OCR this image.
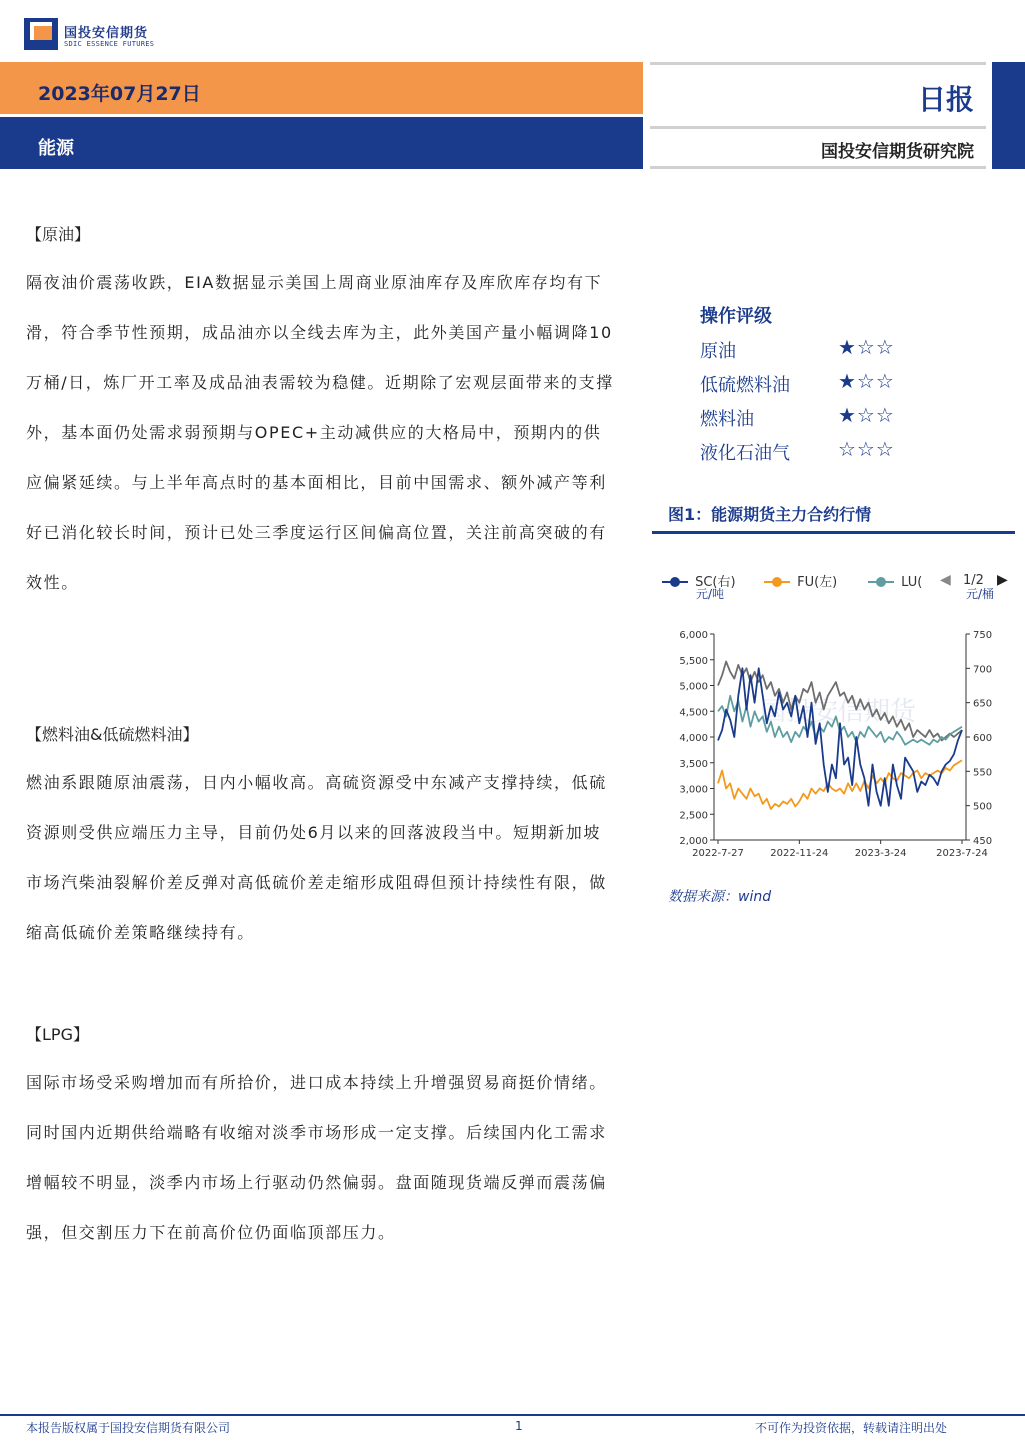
国投安信期货
SDIC ESSENCE FUTURES
2023年07月27日
能源
日报
国投安信期货研究院
【原油】
隔夜油价震荡收跌，EIA数据显示美国上周商业原油库存及库欣库存均有下滑，符合季节性预期，成品油亦以全线去库为主，此外美国产量小幅调降10万桶/日，炼厂开工率及成品油表需较为稳健。近期除了宏观层面带来的支撑外，基本面仍处需求弱预期与OPEC+主动减供应的大格局中，预期内的供应偏紧延续。与上半年高点时的基本面相比，目前中国需求、额外减产等利好已消化较长时间，预计已处三季度运行区间偏高位置，关注前高突破的有效性。
【燃料油&低硫燃料油】
燃油系跟随原油震荡，日内小幅收高。高硫资源受中东减产支撑持续，低硫资源则受供应端压力主导，目前仍处6月以来的回落波段当中。短期新加坡市场汽柴油裂解价差反弹对高低硫价差走缩形成阻碍但预计持续性有限，做缩高低硫价差策略继续持有。
【LPG】
国际市场受采购增加而有所拾价，进口成本持续上升增强贸易商挺价情绪。同时国内近期供给端略有收缩对淡季市场形成一定支撑。后续国内化工需求增幅较不明显，淡季内市场上行驱动仍然偏弱。盘面随现货端反弹而震荡偏强，但交割压力下在前高价位仍面临顶部压力。
操作评级
原油	★☆☆
低硫燃料油 ★☆☆
燃料油	★☆☆
液化石油气 ☆☆☆
图1：能源期货主力合约行情
SC(右)	FU(左)	LU( ◀ 1/2 ▶
元/吨	元/桶
国投安信期货
6,000
5,500
5,000
4,500
4,000
3,500
3,000
2,500
2,000
750
700
650
600
550
500
450
2022-7-27	2022-11-24	2023-3-24	2023-7-24
数据来源：wind
本报告版权属于国投安信期货有限公司	1	不可作为投资依据，转载请注明出处
